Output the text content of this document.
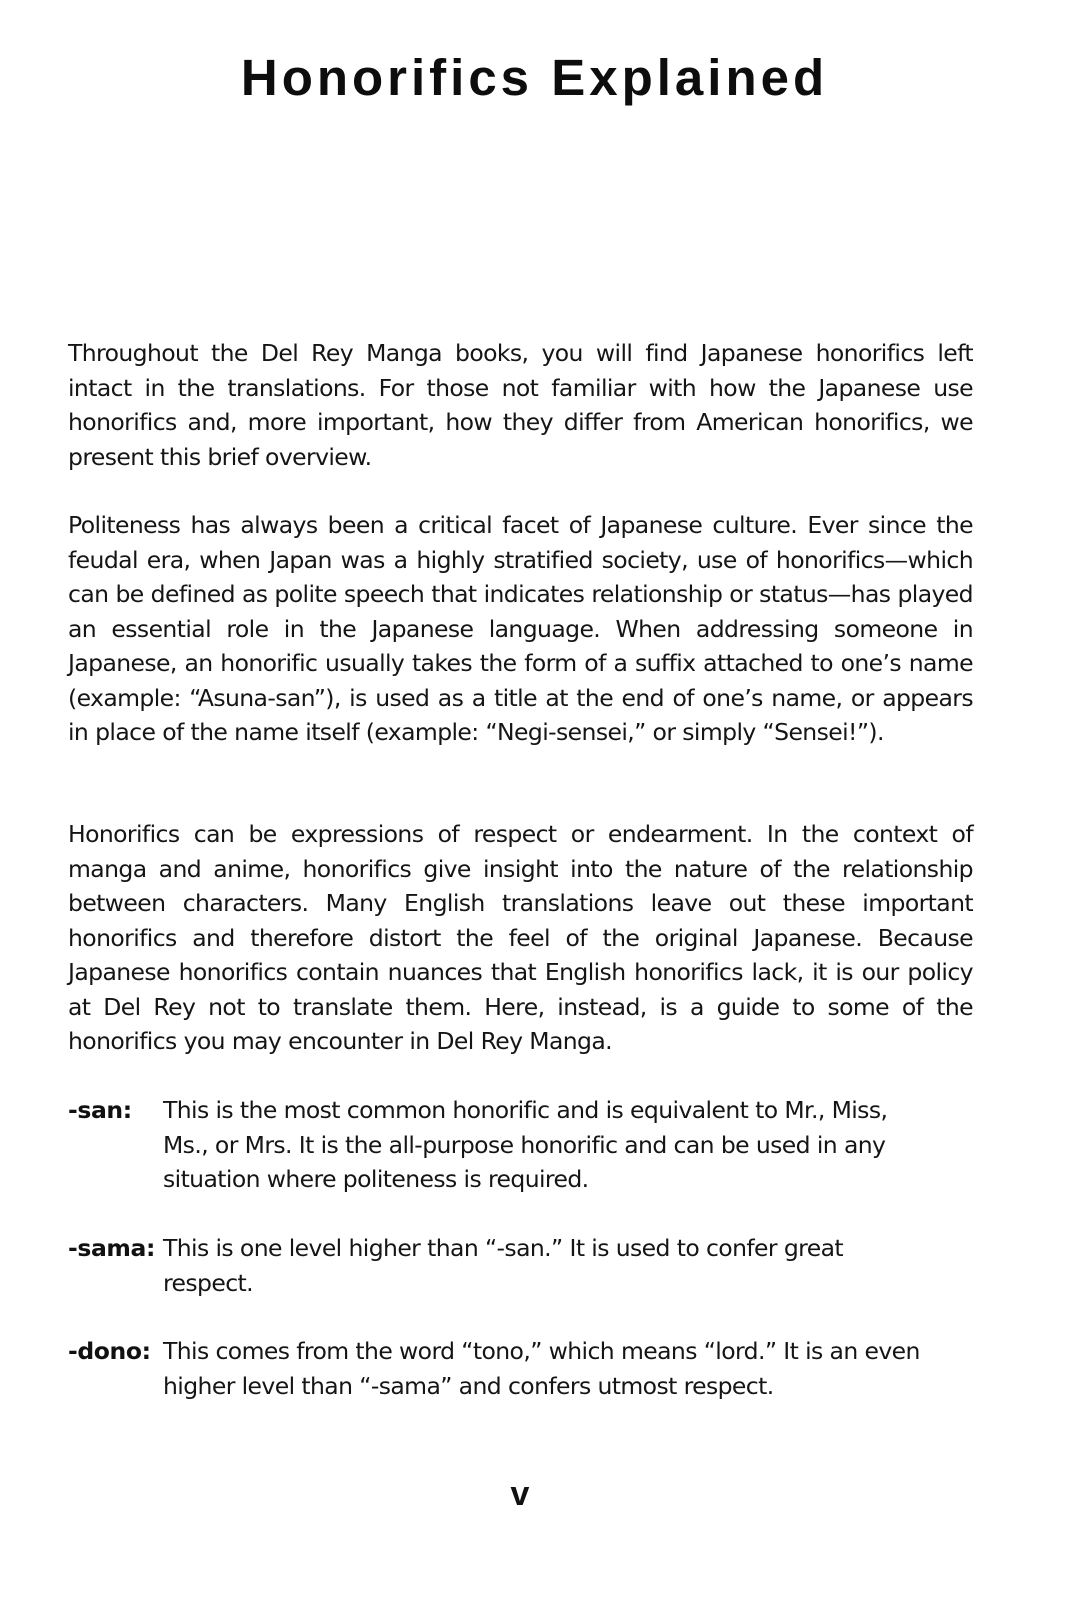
Honorifics Explained

Throughout the Del Rey Manga books, you will find Japanese honorifics left intact in the translations. For those not familiar with how the Japanese use honorifics and, more important, how they differ from American honorifics, we present this brief overview.

Politeness has always been a critical facet of Japanese culture. Ever since the feudal era, when Japan was a highly stratified society, use of honorifics—which can be defined as polite speech that indicates relationship or status—has played an essential role in the Japanese language. When addressing someone in Japanese, an honorific usually takes the form of a suffix attached to one’s name (example: “Asuna-san”), is used as a title at the end of one’s name, or appears in place of the name itself (example: “Negi-sensei,” or simply “Sensei!”).

Honorifics can be expressions of respect or endearment. In the context of manga and anime, honorifics give insight into the nature of the relationship between characters. Many English translations leave out these important honorifics and therefore distort the feel of the original Japanese. Because Japanese honorifics contain nuances that English honorifics lack, it is our policy at Del Rey not to translate them. Here, instead, is a guide to some of the honorifics you may encounter in Del Rey Manga.

-san: This is the most common honorific and is equivalent to Mr., Miss, Ms., or Mrs. It is the all-purpose honorific and can be used in any situation where politeness is required.

-sama: This is one level higher than “-san.” It is used to confer great respect.

-dono: This comes from the word “tono,” which means “lord.” It is an even higher level than “-sama” and confers utmost respect.

v
